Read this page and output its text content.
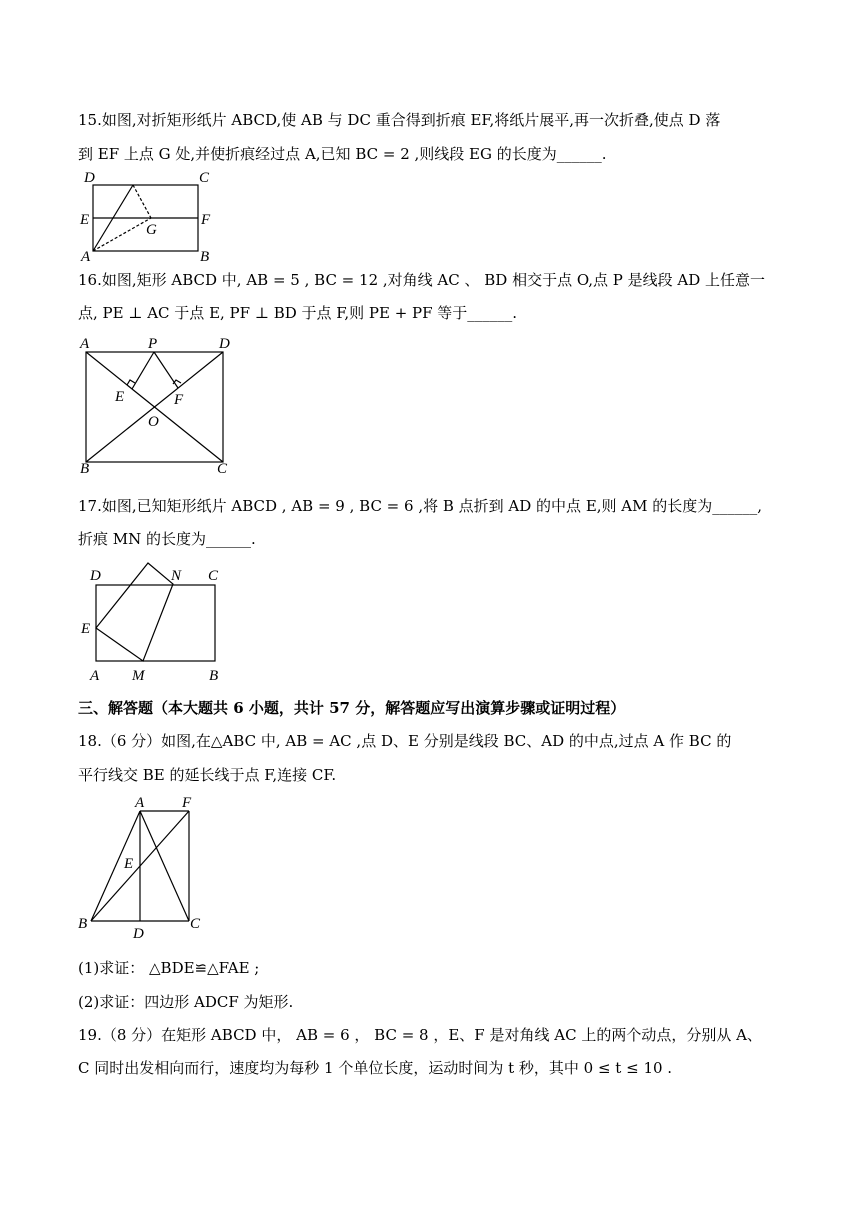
15.如图,对折矩形纸片 ABCD,使 AB 与 DC 重合得到折痕 EF,将纸片展平,再一次折叠,使点 D 落
到 EF 上点 G 处,并使折痕经过点 A,已知 BC = 2 ,则线段 EG 的长度为______.
D	C
E	F
G
A	B
16.如图,矩形 ABCD 中, AB = 5 , BC = 12 ,对角线 AC 、 BD 相交于点 O,点 P 是线段 AD 上任意一
点, PE ⊥ AC 于点 E, PF ⊥ BD 于点 F,则 PE + PF 等于______.
A	P	D
E	F
O
B	C
17.如图,已知矩形纸片 ABCD , AB = 9 , BC = 6 ,将 B 点折到 AD 的中点 E,则 AM 的长度为______,
折痕 MN 的长度为______.
D	N C
E
A M	B
三、解答题（本大题共 6 小题，共计 57 分，解答题应写出演算步骤或证明过程）
18.（6 分）如图,在△ABC 中, AB = AC ,点 D、E 分别是线段 BC、AD 的中点,过点 A 作 BC 的
平行线交 BE 的延长线于点 F,连接 CF.
A	F
E
B	C
D
(1)求证： △BDE≌△FAE ;
(2)求证：四边形 ADCF 为矩形.
19.（8 分）在矩形 ABCD 中， AB = 6 ， BC = 8 ，E、F 是对角线 AC 上的两个动点，分别从 A、
C 同时出发相向而行，速度均为每秒 1 个单位长度，运动时间为 t 秒，其中 0 ≤ t ≤ 10 .
